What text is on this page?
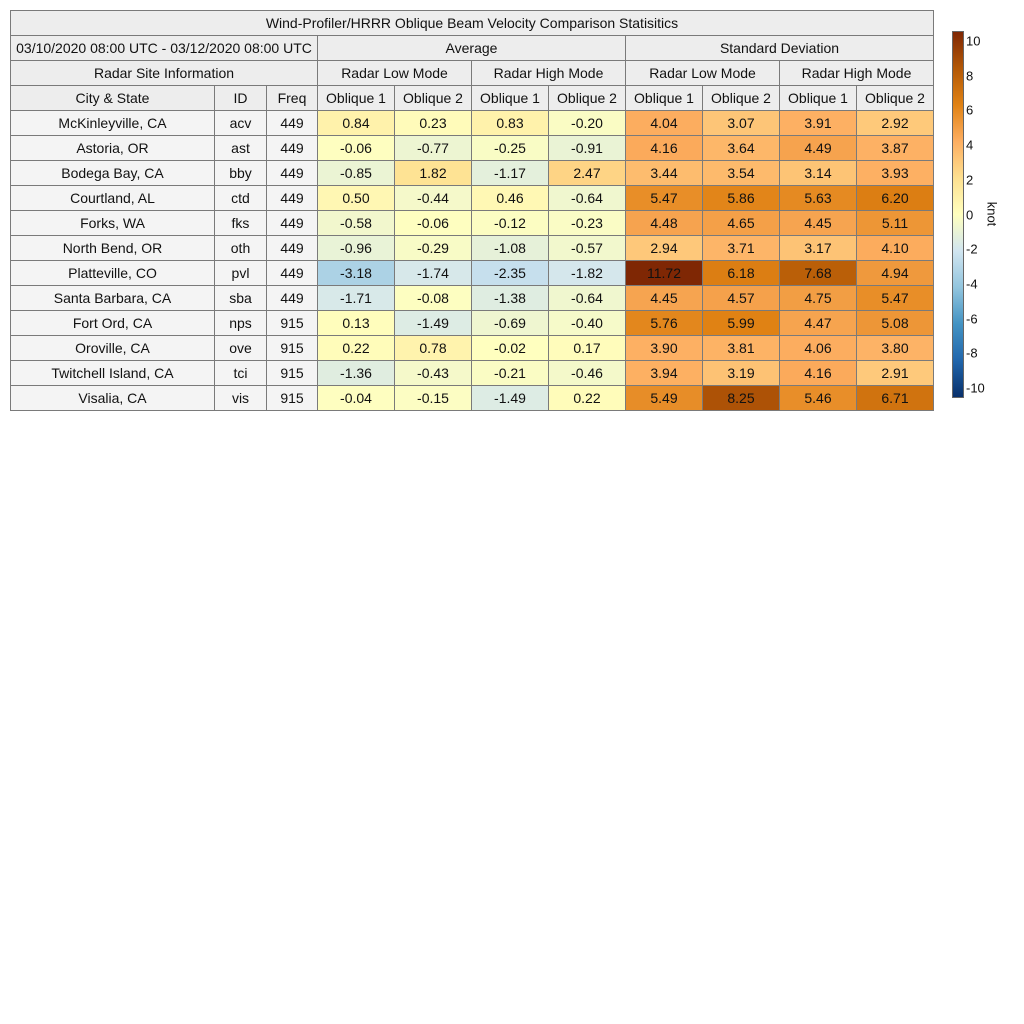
Wind-Profiler/HRRR Oblique Beam Velocity Comparison Statisitics										
03/10/2020 08:00 UTC - 03/12/2020 08:00 UTC			Average				Standard Deviation			
Radar Site Information			Radar Low Mode		Radar High Mode		Radar Low Mode		Radar High Mode	
City & State	ID	Freq	Oblique 1	Oblique 2	Oblique 1	Oblique 2	Oblique 1	Oblique 2	Oblique 1	Oblique 2
McKinleyville, CA	acv	449	0.84	0.23	0.83	-0.20	4.04	3.07	3.91	2.92
Astoria, OR	ast	449	-0.06	-0.77	-0.25	-0.91	4.16	3.64	4.49	3.87
Bodega Bay, CA	bby	449	-0.85	1.82	-1.17	2.47	3.44	3.54	3.14	3.93
Courtland, AL	ctd	449	0.50	-0.44	0.46	-0.64	5.47	5.86	5.63	6.20
Forks, WA	fks	449	-0.58	-0.06	-0.12	-0.23	4.48	4.65	4.45	5.11
North Bend, OR	oth	449	-0.96	-0.29	-1.08	-0.57	2.94	3.71	3.17	4.10
Platteville, CO	pvl	449	-3.18	-1.74	-2.35	-1.82	11.72	6.18	7.68	4.94
Santa Barbara, CA	sba	449	-1.71	-0.08	-1.38	-0.64	4.45	4.57	4.75	5.47
Fort Ord, CA	nps	915	0.13	-1.49	-0.69	-0.40	5.76	5.99	4.47	5.08
Oroville, CA	ove	915	0.22	0.78	-0.02	0.17	3.90	3.81	4.06	3.80
Twitchell Island, CA	tci	915	-1.36	-0.43	-0.21	-0.46	3.94	3.19	4.16	2.91
Visalia, CA	vis	915	-0.04	-0.15	-1.49	0.22	5.49	8.25	5.46	6.71
10
8
6
4
2
0
-2
-4
-6
-8
-10
knot
